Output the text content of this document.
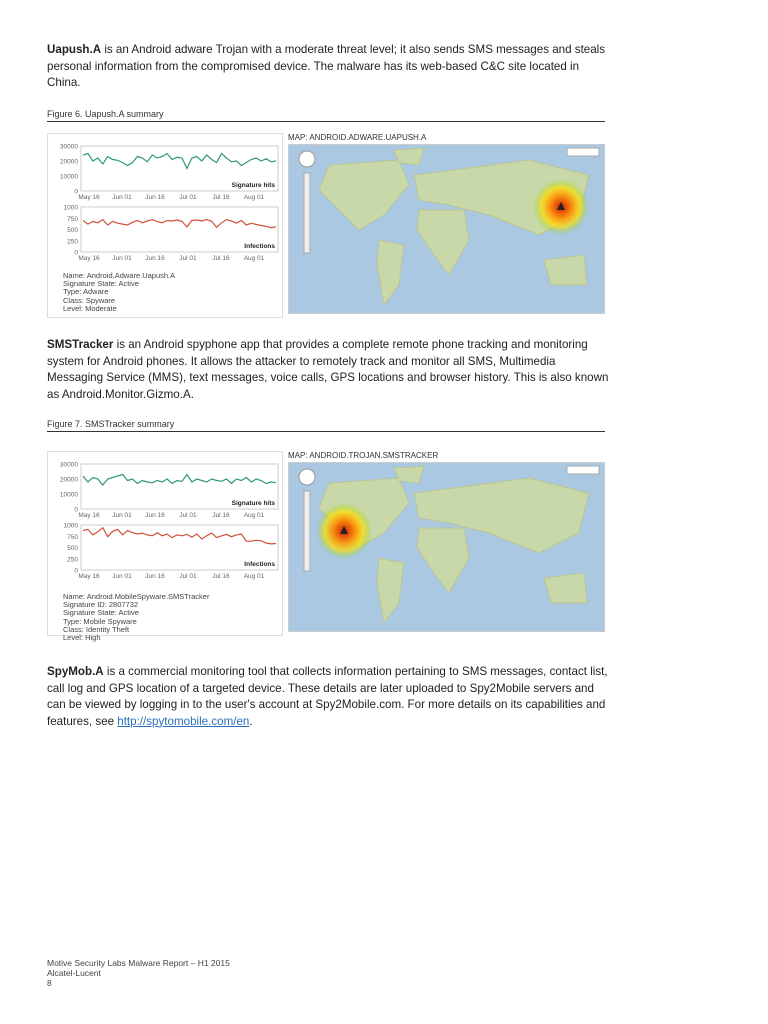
Uapush.A is an Android adware Trojan with a moderate threat level; it also sends SMS messages and steals personal information from the compromised device. The malware has its web-based C&C site located in China.

Figure 6. Uapush.A summary
30000
20000
10000
0
May 16 Jun 01 Jun 16 Jul 01 Jul 16 Aug 01
Signature hits
1000
750
500
250
0
May 16 Jun 01 Jun 16 Jul 01 Jul 16 Aug 01
Infections
Name: Android.Adware.Uapush.A
Signature State: Active
Type: Adware
Class: Spyware
Level: Moderate
MAP: ANDROID.ADWARE.UAPUSH.A

SMSTracker is an Android spyphone app that provides a complete remote phone tracking and monitoring system for Android phones. It allows the attacker to remotely track and monitor all SMS, Multimedia Messaging Service (MMS), text messages, voice calls, GPS locations and browser history. This is also known as Android.Monitor.Gizmo.A.

Figure 7. SMSTracker summary
30000
20000
10000
0
May 16 Jun 01 Jun 16 Jul 01 Jul 16 Aug 01
Signature hits
1000
750
500
250
0
May 16 Jun 01 Jun 16 Jul 01 Jul 16 Aug 01
Infections
Name: Android.MobileSpyware.SMSTracker
Signature ID: 2807732
Signature State: Active
Type: Mobile Spyware
Class: Identity Theft
Level: High
MAP: ANDROID.TROJAN.SMSTRACKER

SpyMob.A is a commercial monitoring tool that collects information pertaining to SMS messages, contact list, call log and GPS location of a targeted device. These details are later uploaded to Spy2Mobile servers and can be viewed by logging in to the user's account at Spy2Mobile.com. For more details on its capabilities and features, see http://spytomobile.com/en.

Motive Security Labs Malware Report – H1 2015
Alcatel-Lucent
8
